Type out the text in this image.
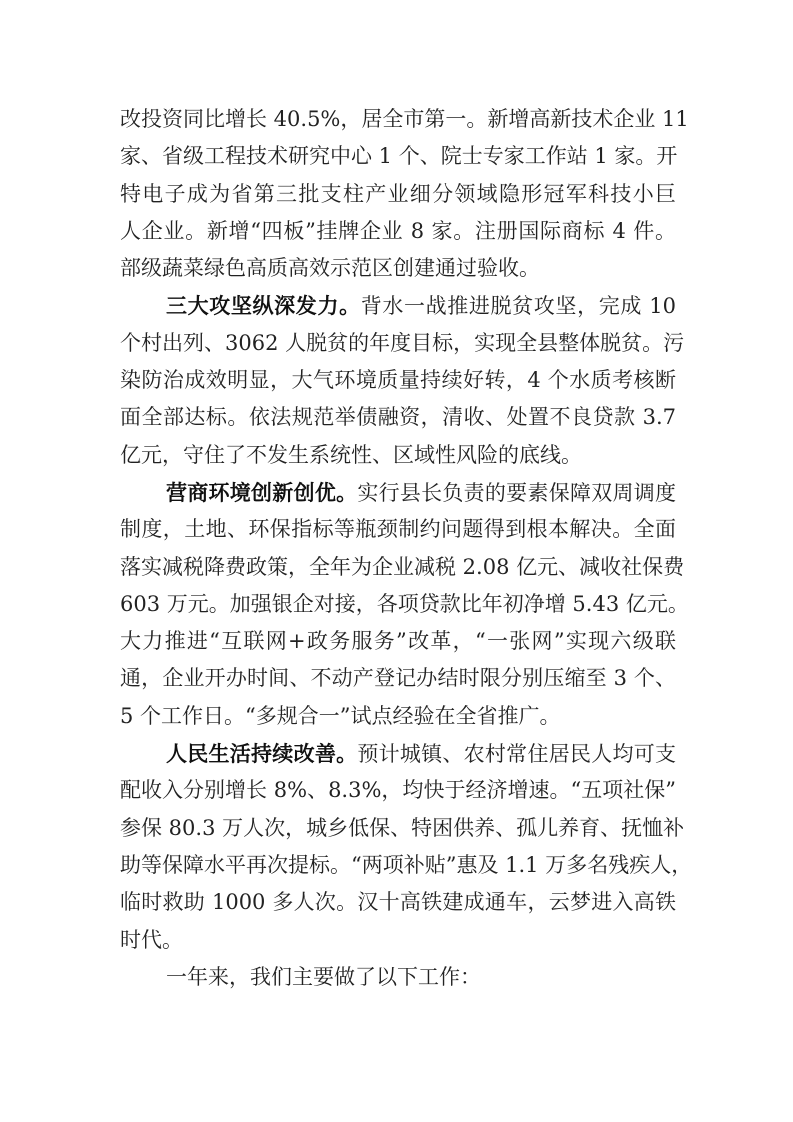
改投资同比增长 40.5%，居全市第一。新增高新技术企业 11
家、省级工程技术研究中心 1 个、院士专家工作站 1 家。开
特电子成为省第三批支柱产业细分领域隐形冠军科技小巨
人企业。新增“四板”挂牌企业 8 家。注册国际商标 4 件。
部级蔬菜绿色高质高效示范区创建通过验收。
三大攻坚纵深发力。背水一战推进脱贫攻坚，完成 10
个村出列、3062 人脱贫的年度目标，实现全县整体脱贫。污
染防治成效明显，大气环境质量持续好转，4 个水质考核断
面全部达标。依法规范举债融资，清收、处置不良贷款 3.7
亿元，守住了不发生系统性、区域性风险的底线。
营商环境创新创优。实行县长负责的要素保障双周调度
制度，土地、环保指标等瓶颈制约问题得到根本解决。全面
落实减税降费政策，全年为企业减税 2.08 亿元、减收社保费
603 万元。加强银企对接，各项贷款比年初净增 5.43 亿元。
大力推进“互联网+政务服务”改革，“一张网”实现六级联
通，企业开办时间、不动产登记办结时限分别压缩至 3 个、
5 个工作日。“多规合一”试点经验在全省推广。
人民生活持续改善。预计城镇、农村常住居民人均可支
配收入分别增长 8%、8.3%，均快于经济增速。“五项社保”
参保 80.3 万人次，城乡低保、特困供养、孤儿养育、抚恤补
助等保障水平再次提标。“两项补贴”惠及 1.1 万多名残疾人，
临时救助 1000 多人次。汉十高铁建成通车，云梦进入高铁
时代。
一年来，我们主要做了以下工作：
